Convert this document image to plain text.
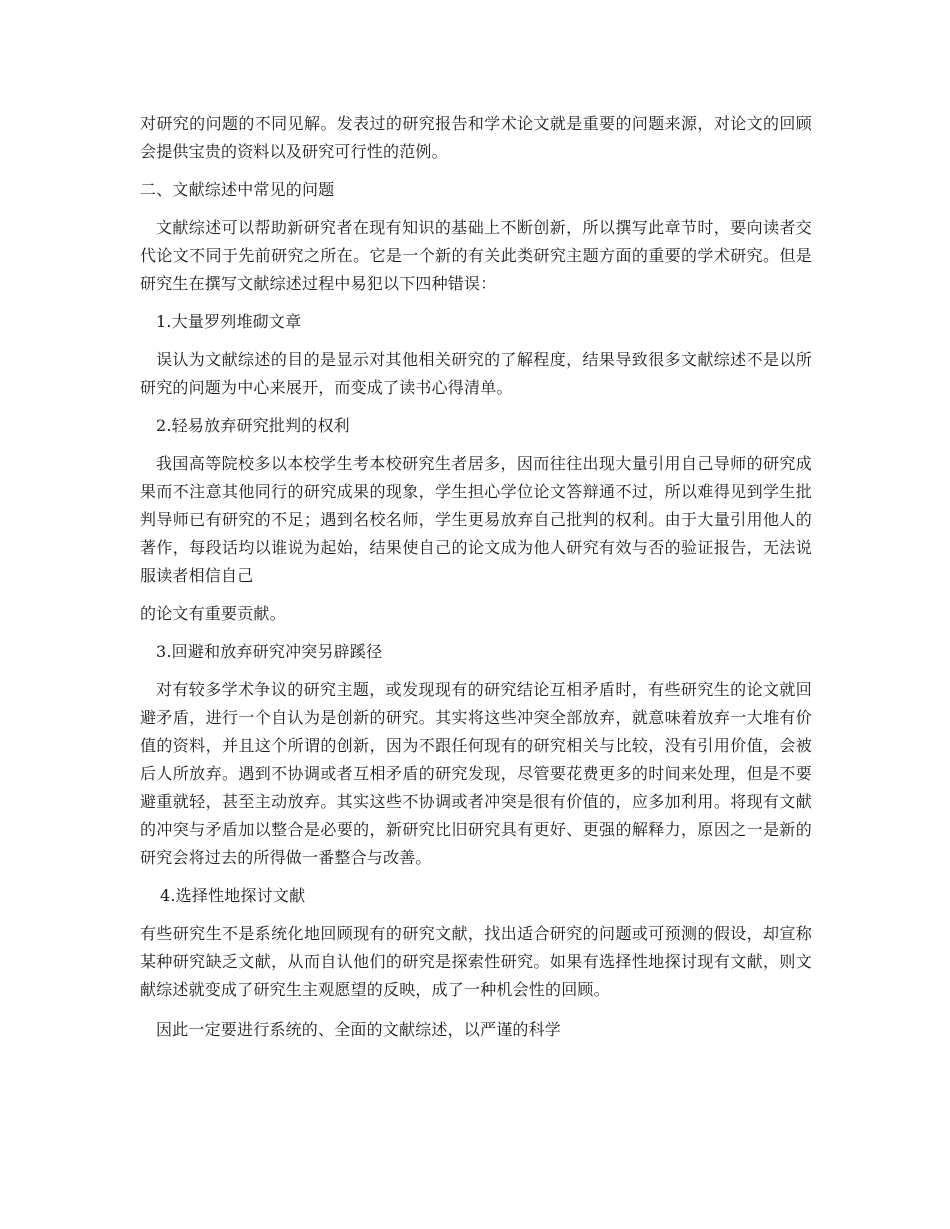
对研究的问题的不同见解。发表过的研究报告和学术论文就是重要的问题来源，对论文的回顾会提供宝贵的资料以及研究可行性的范例。

二、文献综述中常见的问题

文献综述可以帮助新研究者在现有知识的基础上不断创新，所以撰写此章节时，要向读者交代论文不同于先前研究之所在。它是一个新的有关此类研究主题方面的重要的学术研究。但是研究生在撰写文献综述过程中易犯以下四种错误：

1.大量罗列堆砌文章

误认为文献综述的目的是显示对其他相关研究的了解程度，结果导致很多文献综述不是以所研究的问题为中心来展开，而变成了读书心得清单。

2.轻易放弃研究批判的权利

我国高等院校多以本校学生考本校研究生者居多，因而往往出现大量引用自己导师的研究成果而不注意其他同行的研究成果的现象，学生担心学位论文答辩通不过，所以难得见到学生批判导师已有研究的不足；遇到名校名师，学生更易放弃自己批判的权利。由于大量引用他人的著作，每段话均以谁说为起始，结果使自己的论文成为他人研究有效与否的验证报告，无法说服读者相信自己

的论文有重要贡献。

3.回避和放弃研究冲突另辟蹊径

对有较多学术争议的研究主题，或发现现有的研究结论互相矛盾时，有些研究生的论文就回避矛盾，进行一个自认为是创新的研究。其实将这些冲突全部放弃，就意味着放弃一大堆有价值的资料，并且这个所谓的创新，因为不跟任何现有的研究相关与比较，没有引用价值，会被后人所放弃。遇到不协调或者互相矛盾的研究发现，尽管要花费更多的时间来处理，但是不要避重就轻，甚至主动放弃。其实这些不协调或者冲突是很有价值的，应多加利用。将现有文献的冲突与矛盾加以整合是必要的，新研究比旧研究具有更好、更强的解释力，原因之一是新的研究会将过去的所得做一番整合与改善。

4.选择性地探讨文献

有些研究生不是系统化地回顾现有的研究文献，找出适合研究的问题或可预测的假设，却宣称某种研究缺乏文献，从而自认他们的研究是探索性研究。如果有选择性地探讨现有文献，则文献综述就变成了研究生主观愿望的反映，成了一种机会性的回顾。

因此一定要进行系统的、全面的文献综述，以严谨的科学
